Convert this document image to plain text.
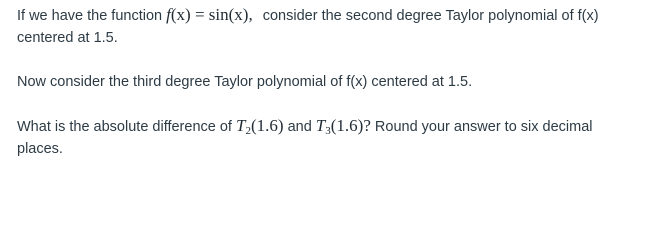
If we have the function f(x) = sin(x), consider the second degree Taylor polynomial of f(x) centered at 1.5.

Now consider the third degree Taylor polynomial of f(x) centered at 1.5.

What is the absolute difference of $T_2(1.6)$ and $T_3(1.6)$? Round your answer to six decimal places.
